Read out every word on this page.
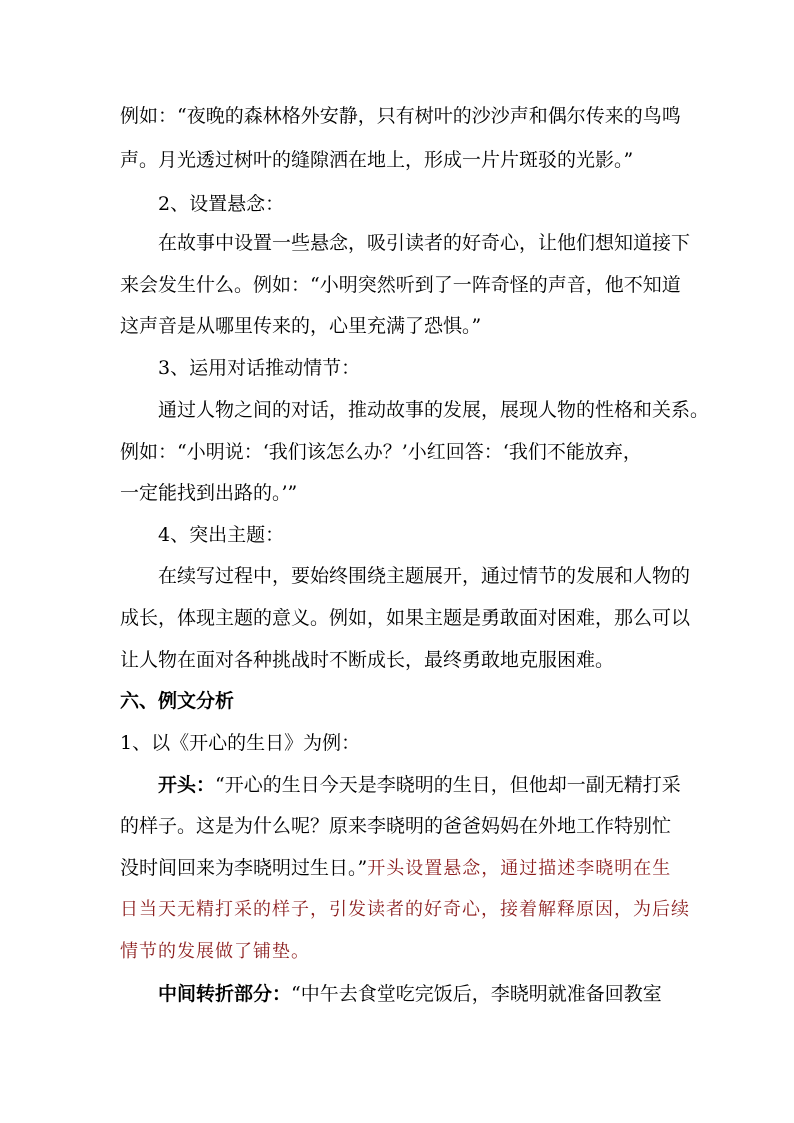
例如：“夜晚的森林格外安静，只有树叶的沙沙声和偶尔传来的鸟鸣
声。月光透过树叶的缝隙洒在地上，形成一片片斑驳的光影。”
2、设置悬念：
在故事中设置一些悬念，吸引读者的好奇心，让他们想知道接下
来会发生什么。例如：“小明突然听到了一阵奇怪的声音，他不知道
这声音是从哪里传来的，心里充满了恐惧。”
3、运用对话推动情节：
通过人物之间的对话，推动故事的发展，展现人物的性格和关系。
例如：“小明说：‘我们该怎么办？’小红回答：‘我们不能放弃，
一定能找到出路的。’”
4、突出主题：
在续写过程中，要始终围绕主题展开，通过情节的发展和人物的
成长，体现主题的意义。例如，如果主题是勇敢面对困难，那么可以
让人物在面对各种挑战时不断成长，最终勇敢地克服困难。
六、例文分析
1、以《开心的生日》为例：
开头：“开心的生日今天是李晓明的生日，但他却一副无精打采
的样子。这是为什么呢？原来李晓明的爸爸妈妈在外地工作特别忙
没时间回来为李晓明过生日。”开头设置悬念，通过描述李晓明在生
日当天无精打采的样子，引发读者的好奇心，接着解释原因，为后续
情节的发展做了铺垫。
中间转折部分：“中午去食堂吃完饭后，李晓明就准备回教室
